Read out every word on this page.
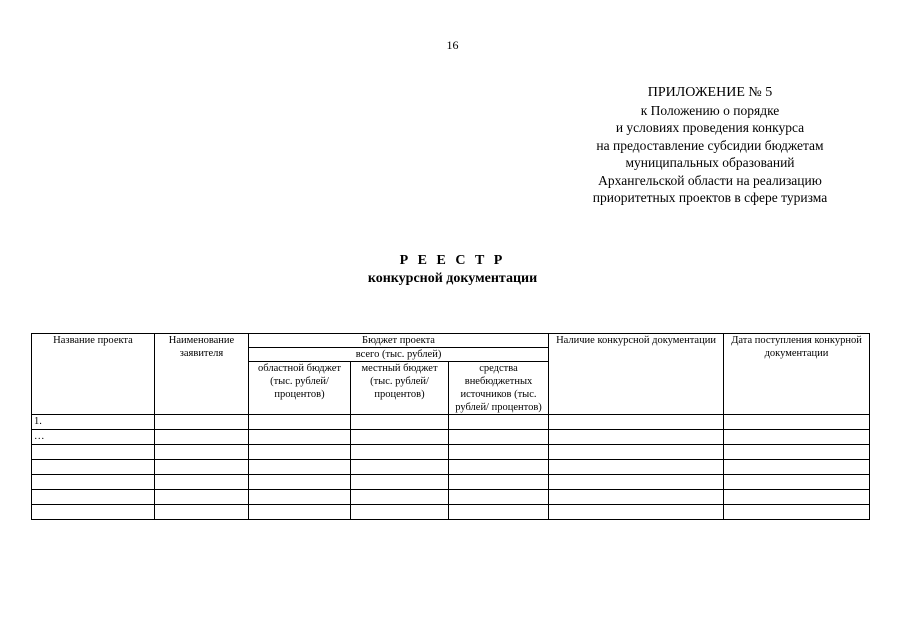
16
ПРИЛОЖЕНИЕ № 5
к Положению о порядке
и условиях проведения конкурса
на предоставление субсидии бюджетам
муниципальных образований
Архангельской области на реализацию
приоритетных проектов в сфере туризма
Р Е Е С Т Р
конкурсной документации
Название проекта	Наименование заявителя	Бюджет проекта			Наличие конкурсной документации	Дата поступления конкурной документации
		всего (тыс. рублей)				
		областной бюджет (тыс. рублей/ процентов)	местный бюджет (тыс. рублей/ процентов)	средства внебюджетных источников (тыс. рублей/ процентов)		
1.						
…						
